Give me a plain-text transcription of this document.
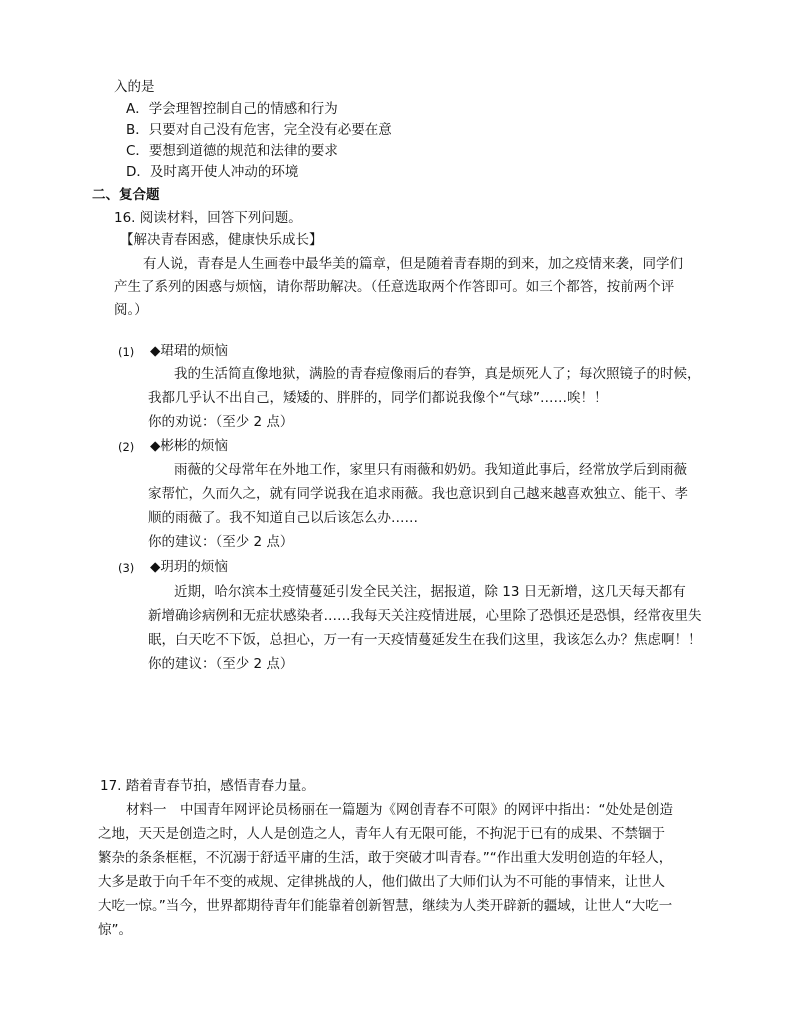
入的是
A．学会理智控制自己的情感和行为
B．只要对自己没有危害，完全没有必要在意
C．要想到道德的规范和法律的要求
D．及时离开使人冲动的环境
二、复合题
16. 阅读材料，回答下列问题。
【解决青春困惑，健康快乐成长】
有人说，青春是人生画卷中最华美的篇章，但是随着青春期的到来，加之疫情来袭，同学们
产生了系列的困惑与烦恼，请你帮助解决。（任意选取两个作答即可。如三个都答，按前两个评
阅。）
(1) ◆珺珺的烦恼
我的生活简直像地狱，满脸的青春痘像雨后的春笋，真是烦死人了；每次照镜子的时候，
我都几乎认不出自己，矮矮的、胖胖的，同学们都说我像个“气球”……唉！！
你的劝说：（至少 2 点）
(2) ◆彬彬的烦恼
雨薇的父母常年在外地工作，家里只有雨薇和奶奶。我知道此事后，经常放学后到雨薇
家帮忙，久而久之，就有同学说我在追求雨薇。我也意识到自己越来越喜欢独立、能干、孝
顺的雨薇了。我不知道自己以后该怎么办……
你的建议：（至少 2 点）
(3) ◆玥玥的烦恼
近期，哈尔滨本土疫情蔓延引发全民关注，据报道，除 13 日无新增，这几天每天都有
新增确诊病例和无症状感染者……我每天关注疫情进展，心里除了恐惧还是恐惧，经常夜里失
眠，白天吃不下饭，总担心，万一有一天疫情蔓延发生在我们这里，我该怎么办？焦虑啊！！
你的建议：（至少 2 点）
17. 踏着青春节拍，感悟青春力量。
材料一　中国青年网评论员杨丽在一篇题为《网创青春不可限》的网评中指出：“处处是创造
之地，天天是创造之时，人人是创造之人，青年人有无限可能，不拘泥于已有的成果、不禁锢于
繁杂的条条框框，不沉溺于舒适平庸的生活，敢于突破才叫青春。”“作出重大发明创造的年轻人，
大多是敢于向千年不变的戒规、定律挑战的人，他们做出了大师们认为不可能的事情来，让世人
大吃一惊。”当今，世界都期待青年们能靠着创新智慧，继续为人类开辟新的疆域，让世人“大吃一
惊”。
